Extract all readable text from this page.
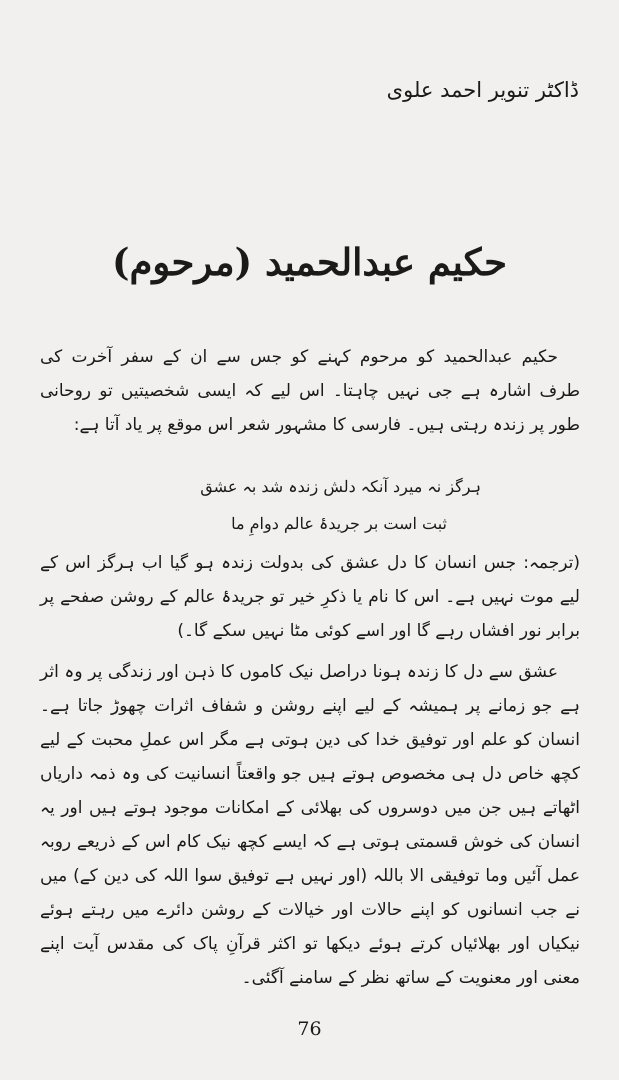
ڈاکٹر تنویر احمد علوی
حکیم عبدالحمید (مرحوم)

حکیم عبدالحمید کو مرحوم کہنے کو جس سے ان کے سفر آخرت کی طرف اشارہ ہے جی نہیں چاہتا۔ اس لیے کہ ایسی شخصیتیں تو روحانی طور پر زندہ رہتی ہیں۔ فارسی کا مشہور شعر اس موقع پر یاد آتا ہے:

ہرگز نہ میرد آنکہ دلش زندہ شد بہ عشق
ثبت است بر جریدۂ عالم دوامِ ما

(ترجمہ: جس انسان کا دل عشق کی بدولت زندہ ہو گیا اب ہرگز اس کے لیے موت نہیں ہے۔ اس کا نام یا ذکرِ خیر تو جریدۂ عالم کے روشن صفحے پر برابر نور افشاں رہے گا اور اسے کوئی مٹا نہیں سکے گا۔)

عشق سے دل کا زندہ ہونا دراصل نیک کاموں کا ذہن اور زندگی پر وہ اثر ہے جو زمانے پر ہمیشہ کے لیے اپنے روشن و شفاف اثرات چھوڑ جاتا ہے۔ انسان کو علم اور توفیق خدا کی دین ہوتی ہے مگر اس عملِ محبت کے لیے کچھ خاص دل ہی مخصوص ہوتے ہیں جو واقعتاً انسانیت کی وہ ذمہ داریاں اٹھاتے ہیں جن میں دوسروں کی بھلائی کے امکانات موجود ہوتے ہیں اور یہ انسان کی خوش قسمتی ہوتی ہے کہ ایسے کچھ نیک کام اس کے ذریعے روبہ عمل آئیں وما توفیقی الا باللہ (اور نہیں ہے توفیق سوا اللہ کی دین کے) میں نے جب انسانوں کو اپنے حالات اور خیالات کے روشن دائرے میں رہتے ہوئے نیکیاں اور بھلائیاں کرتے ہوئے دیکھا تو اکثر قرآنِ پاک کی مقدس آیت اپنے معنی اور معنویت کے ساتھ نظر کے سامنے آگئی۔

76
